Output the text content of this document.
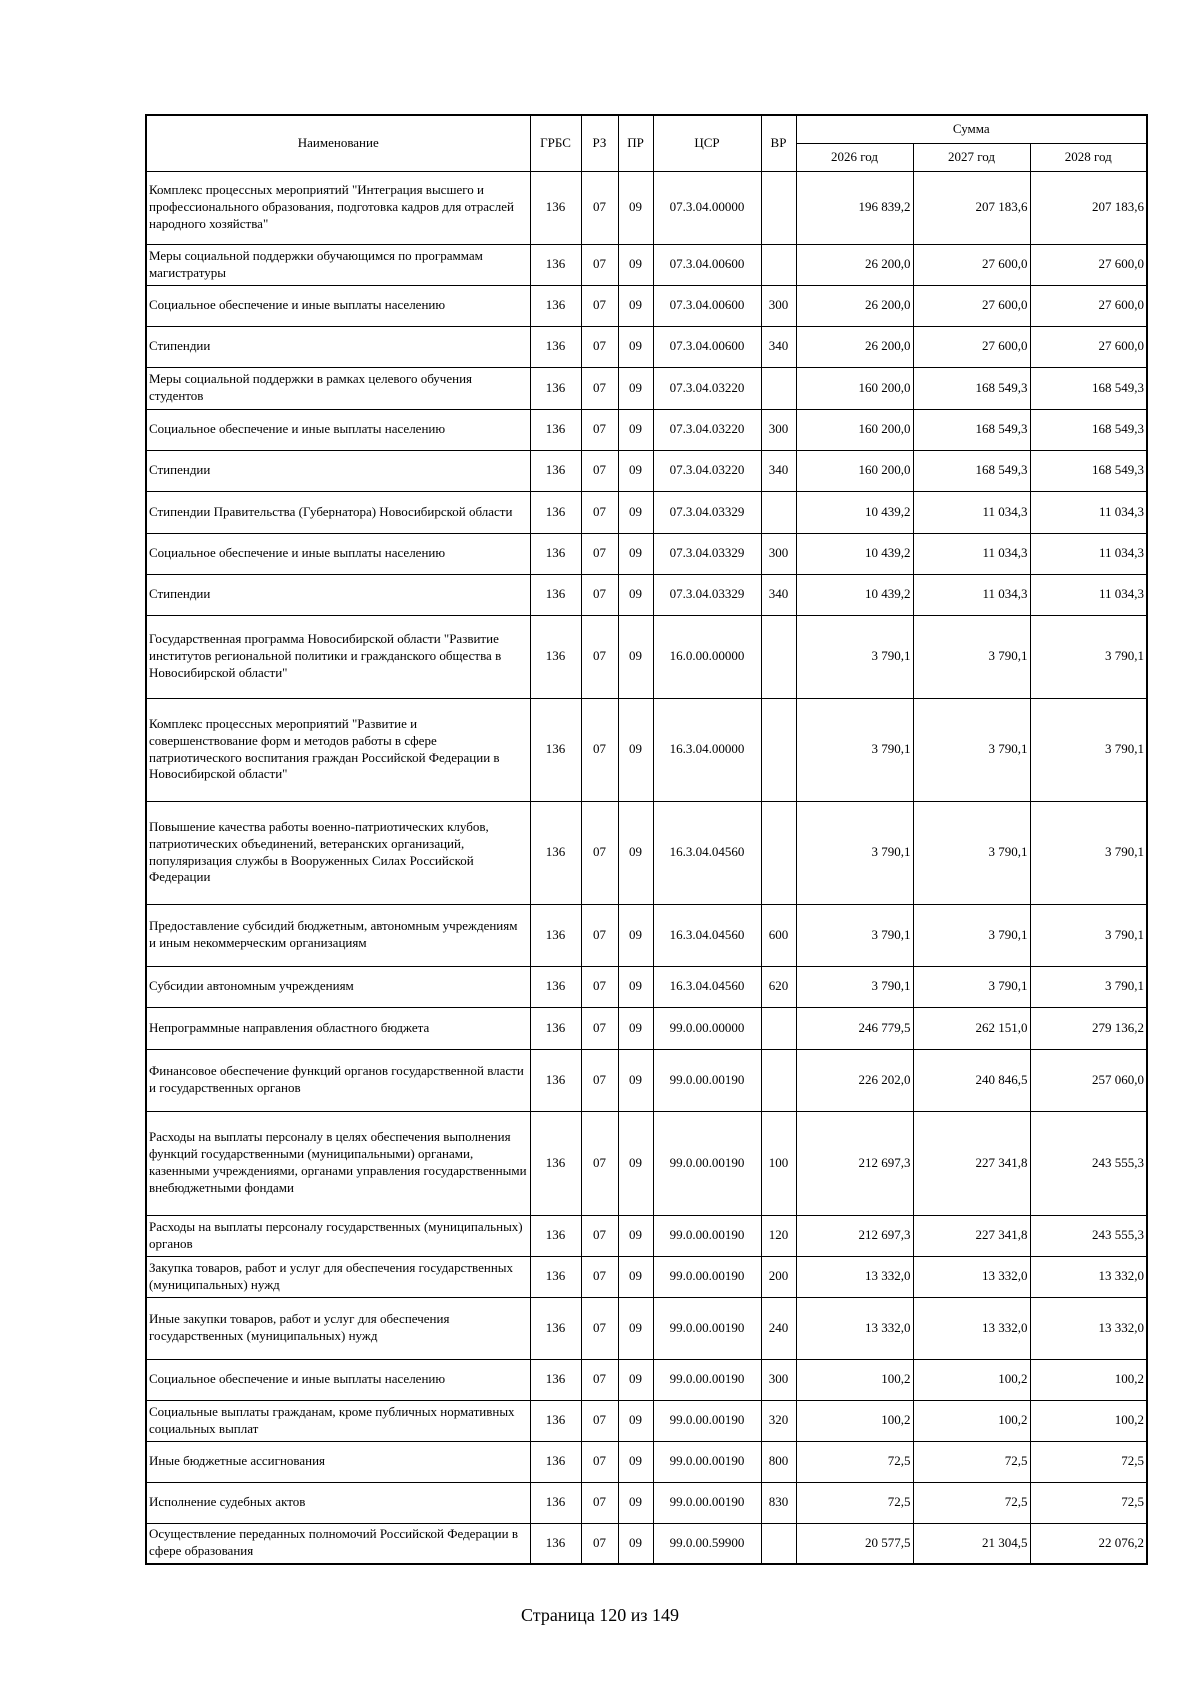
Наименование	ГРБС	РЗ	ПР	ЦСР	ВР	Сумма		
						2026 год	2027 год	2028 год
Комплекс процессных мероприятий "Интеграция высшего и профессионального образования, подготовка кадров для отраслей народного хозяйства"	136	07	09	07.3.04.00000		196 839,2	207 183,6	207 183,6
Меры социальной поддержки обучающимся по программам магистратуры	136	07	09	07.3.04.00600		26 200,0	27 600,0	27 600,0
Социальное обеспечение и иные выплаты населению	136	07	09	07.3.04.00600	300	26 200,0	27 600,0	27 600,0
Стипендии	136	07	09	07.3.04.00600	340	26 200,0	27 600,0	27 600,0
Меры социальной поддержки в рамках целевого обучения студентов	136	07	09	07.3.04.03220		160 200,0	168 549,3	168 549,3
Социальное обеспечение и иные выплаты населению	136	07	09	07.3.04.03220	300	160 200,0	168 549,3	168 549,3
Стипендии	136	07	09	07.3.04.03220	340	160 200,0	168 549,3	168 549,3
Стипендии Правительства (Губернатора) Новосибирской области	136	07	09	07.3.04.03329		10 439,2	11 034,3	11 034,3
Социальное обеспечение и иные выплаты населению	136	07	09	07.3.04.03329	300	10 439,2	11 034,3	11 034,3
Стипендии	136	07	09	07.3.04.03329	340	10 439,2	11 034,3	11 034,3
Государственная программа Новосибирской области "Развитие институтов региональной политики и гражданского общества в Новосибирской области"	136	07	09	16.0.00.00000		3 790,1	3 790,1	3 790,1
Комплекс процессных мероприятий "Развитие и совершенствование форм и методов работы в сфере патриотического воспитания граждан Российской Федерации в Новосибирской области"	136	07	09	16.3.04.00000		3 790,1	3 790,1	3 790,1
Повышение качества работы военно-патриотических клубов, патриотических объединений, ветеранских организаций, популяризация службы в Вооруженных Силах Российской Федерации	136	07	09	16.3.04.04560		3 790,1	3 790,1	3 790,1
Предоставление субсидий бюджетным, автономным учреждениям и иным некоммерческим организациям	136	07	09	16.3.04.04560	600	3 790,1	3 790,1	3 790,1
Субсидии автономным учреждениям	136	07	09	16.3.04.04560	620	3 790,1	3 790,1	3 790,1
Непрограммные направления областного бюджета	136	07	09	99.0.00.00000		246 779,5	262 151,0	279 136,2
Финансовое обеспечение функций органов государственной власти и государственных органов	136	07	09	99.0.00.00190		226 202,0	240 846,5	257 060,0
Расходы на выплаты персоналу в целях обеспечения выполнения функций государственными (муниципальными) органами, казенными учреждениями, органами управления государственными внебюджетными фондами	136	07	09	99.0.00.00190	100	212 697,3	227 341,8	243 555,3
Расходы на выплаты персоналу государственных (муниципальных) органов	136	07	09	99.0.00.00190	120	212 697,3	227 341,8	243 555,3
Закупка товаров, работ и услуг для обеспечения государственных (муниципальных) нужд	136	07	09	99.0.00.00190	200	13 332,0	13 332,0	13 332,0
Иные закупки товаров, работ и услуг для обеспечения государственных (муниципальных) нужд	136	07	09	99.0.00.00190	240	13 332,0	13 332,0	13 332,0
Социальное обеспечение и иные выплаты населению	136	07	09	99.0.00.00190	300	100,2	100,2	100,2
Социальные выплаты гражданам, кроме публичных нормативных социальных выплат	136	07	09	99.0.00.00190	320	100,2	100,2	100,2
Иные бюджетные ассигнования	136	07	09	99.0.00.00190	800	72,5	72,5	72,5
Исполнение судебных актов	136	07	09	99.0.00.00190	830	72,5	72,5	72,5
Осуществление переданных полномочий Российской Федерации в сфере образования	136	07	09	99.0.00.59900		20 577,5	21 304,5	22 076,2
Страница 120 из 149
